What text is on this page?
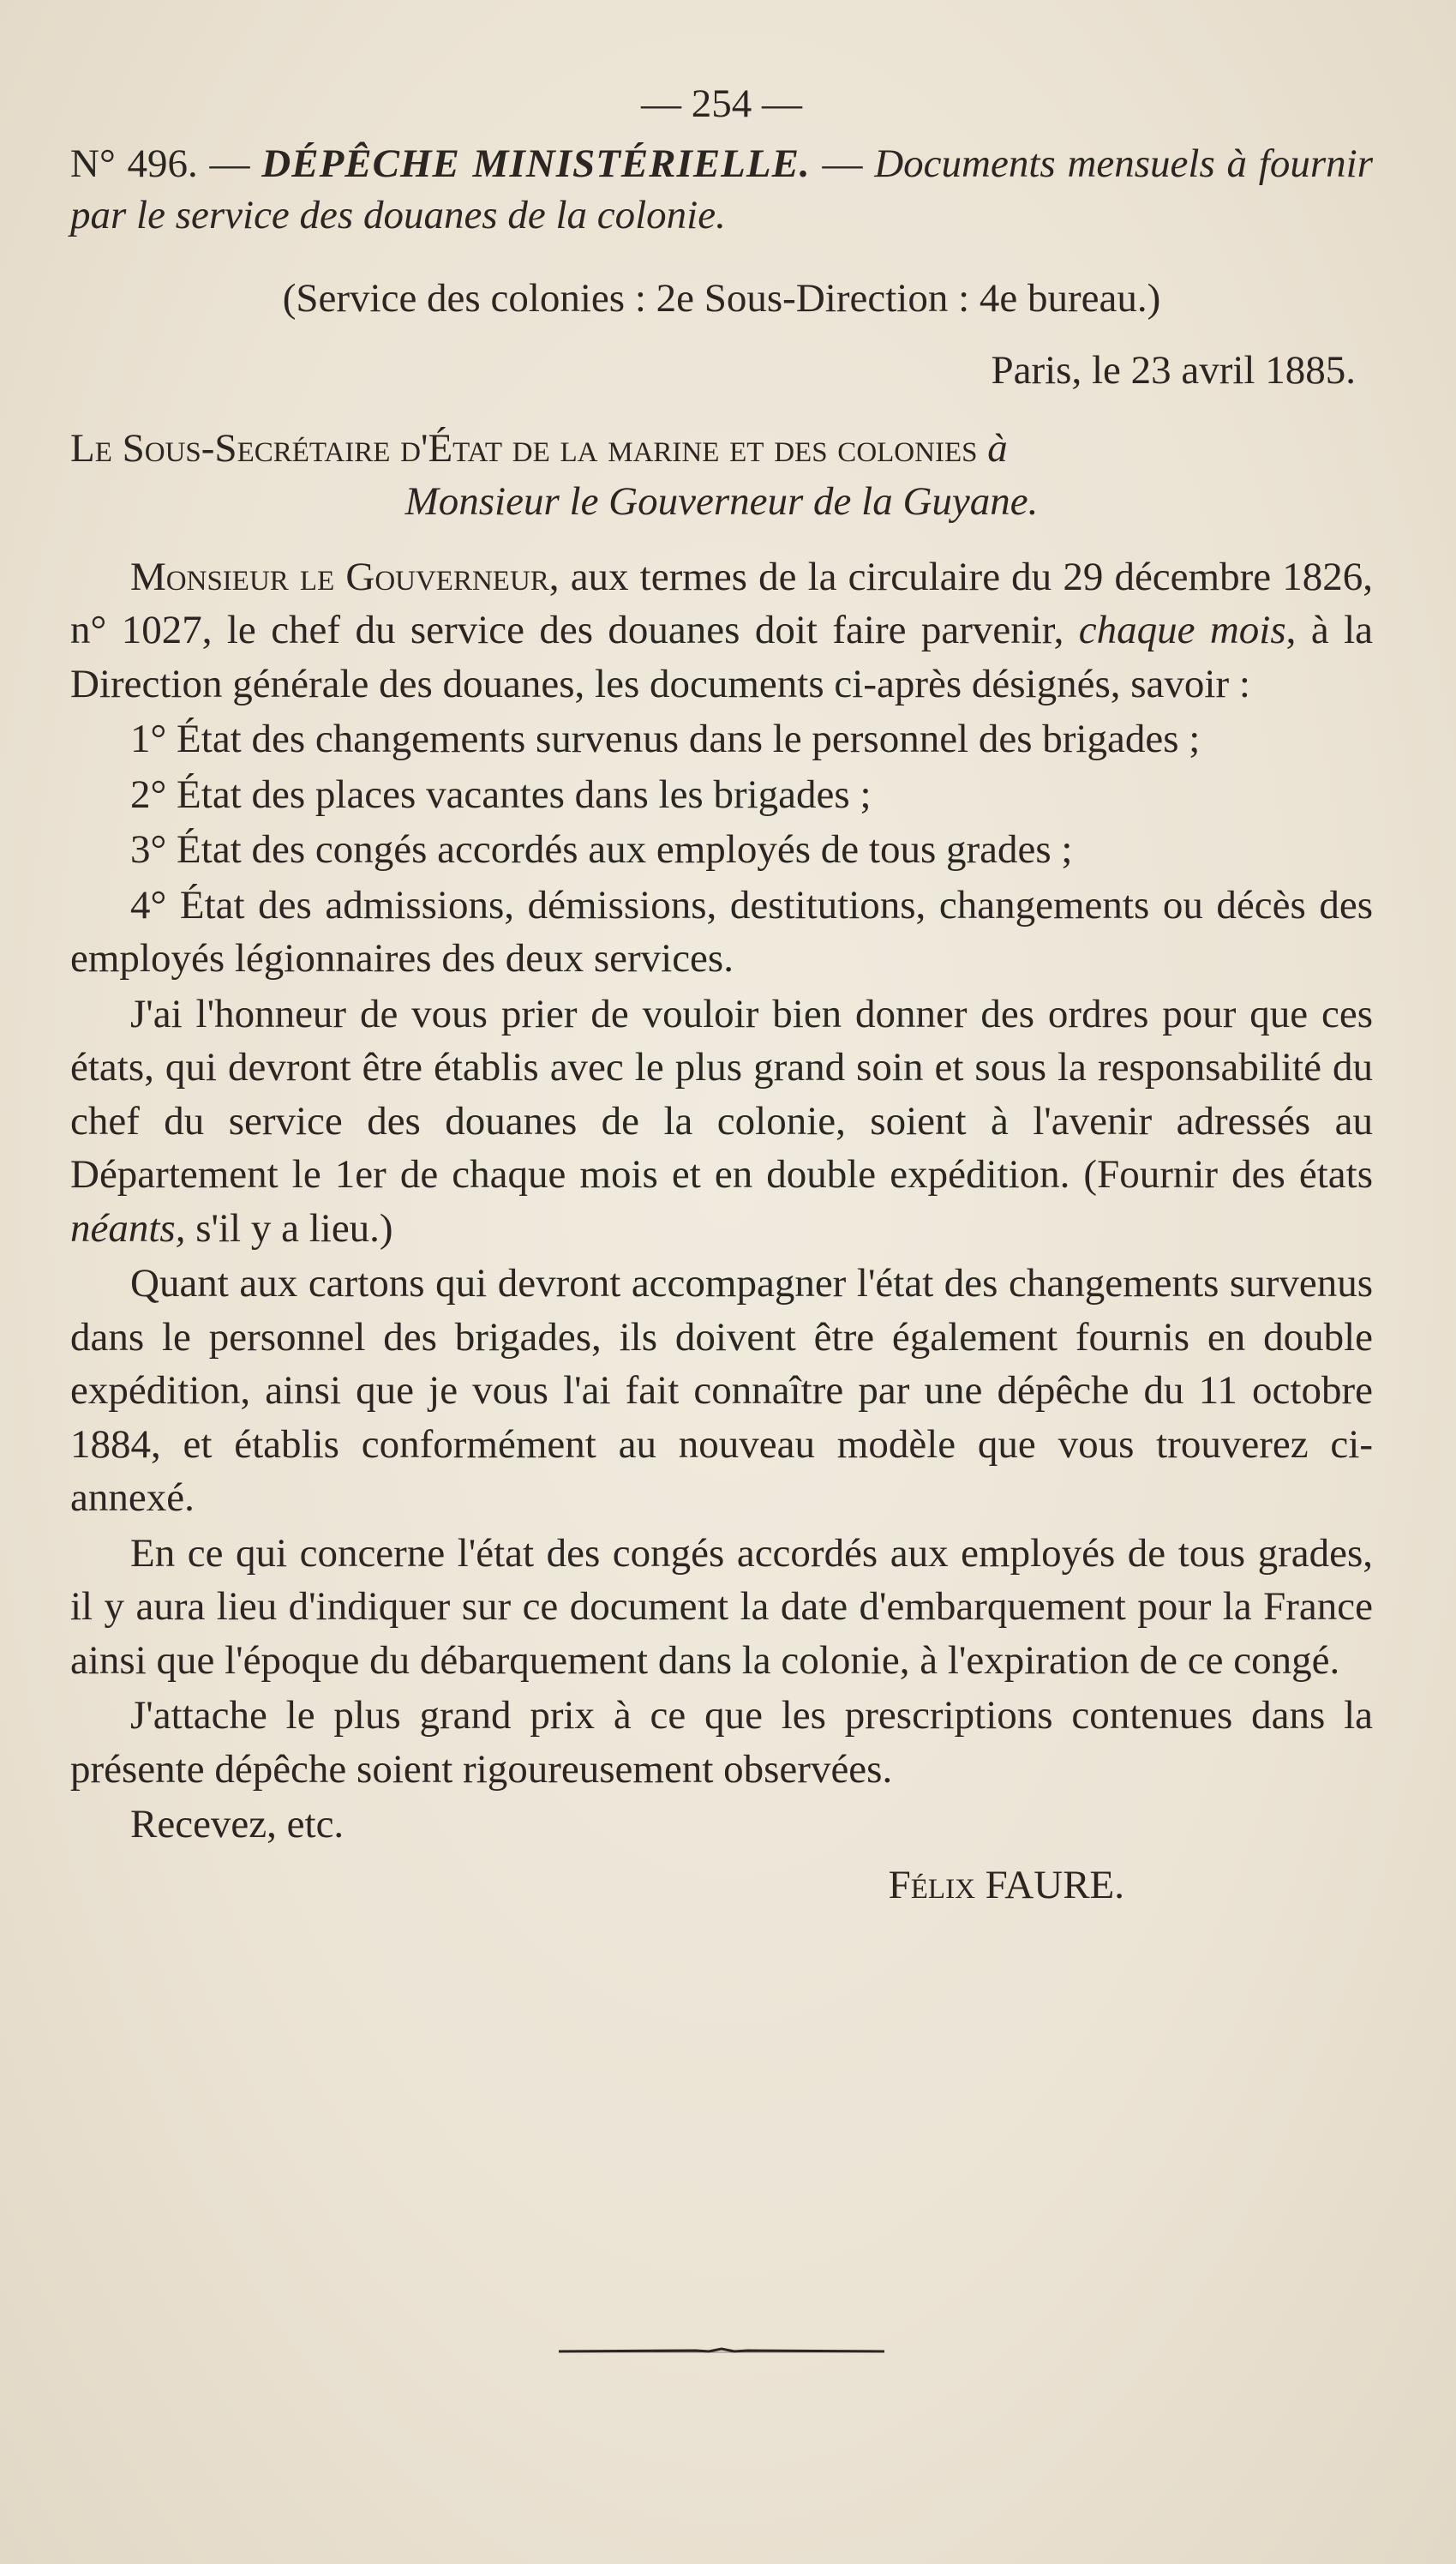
— 254 —

N° 496. — DÉPÊCHE MINISTÉRIELLE. — Documents mensuels à fournir par le service des douanes de la colonie.

(Service des colonies : 2e Sous-Direction : 4e bureau.)

Paris, le 23 avril 1885.

Le Sous-Secrétaire d'État de la marine et des colonies à
Monsieur le Gouverneur de la Guyane.

Monsieur le Gouverneur, aux termes de la circulaire du 29 décembre 1826, n° 1027, le chef du service des douanes doit faire parvenir, chaque mois, à la Direction générale des douanes, les documents ci-après désignés, savoir :

1° État des changements survenus dans le personnel des brigades ;

2° État des places vacantes dans les brigades ;

3° État des congés accordés aux employés de tous grades ;

4° État des admissions, démissions, destitutions, changements ou décès des employés légionnaires des deux services.

J'ai l'honneur de vous prier de vouloir bien donner des ordres pour que ces états, qui devront être établis avec le plus grand soin et sous la responsabilité du chef du service des douanes de la colonie, soient à l'avenir adressés au Département le 1er de chaque mois et en double expédition. (Fournir des états néants, s'il y a lieu.)

Quant aux cartons qui devront accompagner l'état des changements survenus dans le personnel des brigades, ils doivent être également fournis en double expédition, ainsi que je vous l'ai fait connaître par une dépêche du 11 octobre 1884, et établis conformément au nouveau modèle que vous trouverez ci-annexé.

En ce qui concerne l'état des congés accordés aux employés de tous grades, il y aura lieu d'indiquer sur ce document la date d'embarquement pour la France ainsi que l'époque du débarquement dans la colonie, à l'expiration de ce congé.

J'attache le plus grand prix à ce que les prescriptions contenues dans la présente dépêche soient rigoureusement observées.

Recevez, etc.

Félix FAURE.
